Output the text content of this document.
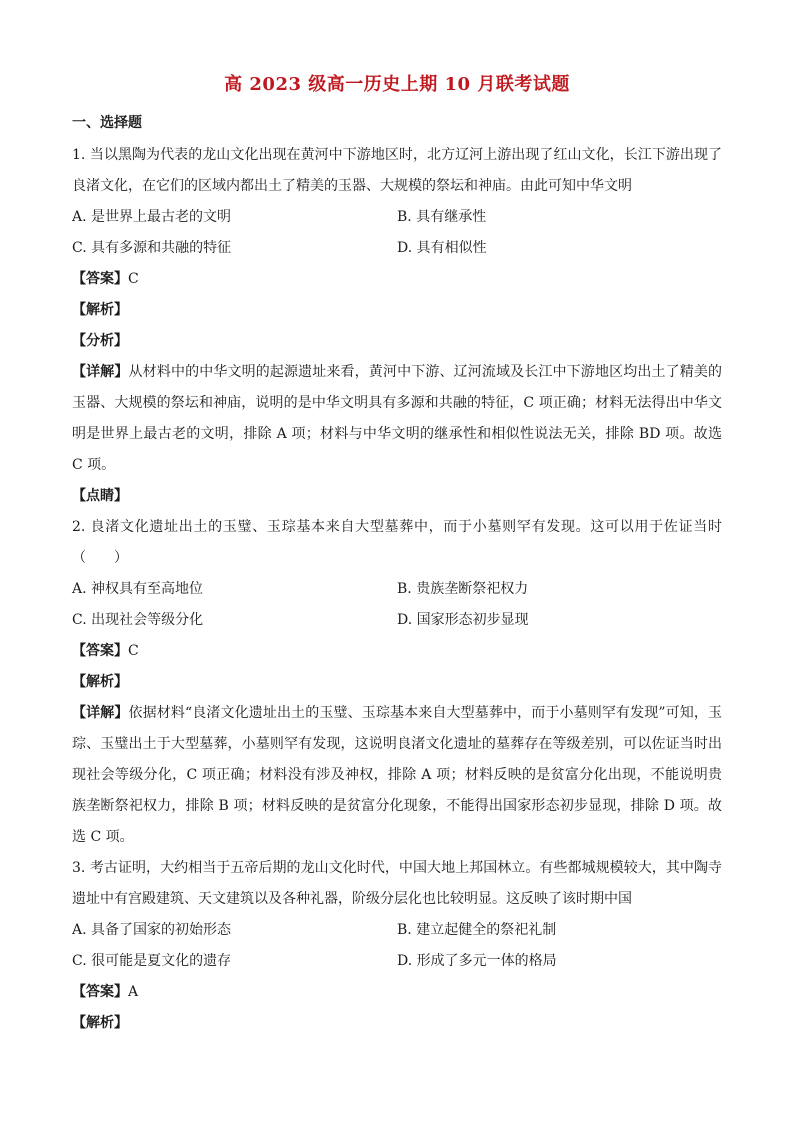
高 2023 级高一历史上期 10 月联考试题
一、选择题

1. 当以黑陶为代表的龙山文化出现在黄河中下游地区时，北方辽河上游出现了红山文化，长江下游出现了良渚文化，在它们的区域内都出土了精美的玉器、大规模的祭坛和神庙。由此可知中华文明

A. 是世界上最古老的文明	B. 具有继承性
C. 具有多源和共融的特征	D. 具有相似性

【答案】C

【解析】

【分析】

【详解】从材料中的中华文明的起源遗址来看，黄河中下游、辽河流域及长江中下游地区均出土了精美的玉器、大规模的祭坛和神庙，说明的是中华文明具有多源和共融的特征，C 项正确；材料无法得出中华文明是世界上最古老的文明，排除 A 项；材料与中华文明的继承性和相似性说法无关，排除 BD 项。故选 C 项。

【点睛】

2. 良渚文化遗址出土的玉璧、玉琮基本来自大型墓葬中，而于小墓则罕有发现。这可以用于佐证当时（　　）

A. 神权具有至高地位	B. 贵族垄断祭祀权力
C. 出现社会等级分化	D. 国家形态初步显现

【答案】C

【解析】

【详解】依据材料“良渚文化遗址出土的玉璧、玉琮基本来自大型墓葬中，而于小墓则罕有发现”可知，玉琮、玉璧出土于大型墓葬，小墓则罕有发现，这说明良渚文化遗址的墓葬存在等级差别，可以佐证当时出现社会等级分化，C 项正确；材料没有涉及神权，排除 A 项；材料反映的是贫富分化出现，不能说明贵族垄断祭祀权力，排除 B 项；材料反映的是贫富分化现象，不能得出国家形态初步显现，排除 D 项。故选 C 项。

3. 考古证明，大约相当于五帝后期的龙山文化时代，中国大地上邦国林立。有些都城规模较大，其中陶寺遗址中有宫殿建筑、天文建筑以及各种礼器，阶级分层化也比较明显。这反映了该时期中国

A. 具备了国家的初始形态	B. 建立起健全的祭祀礼制
C. 很可能是夏文化的遗存	D. 形成了多元一体的格局

【答案】A

【解析】
